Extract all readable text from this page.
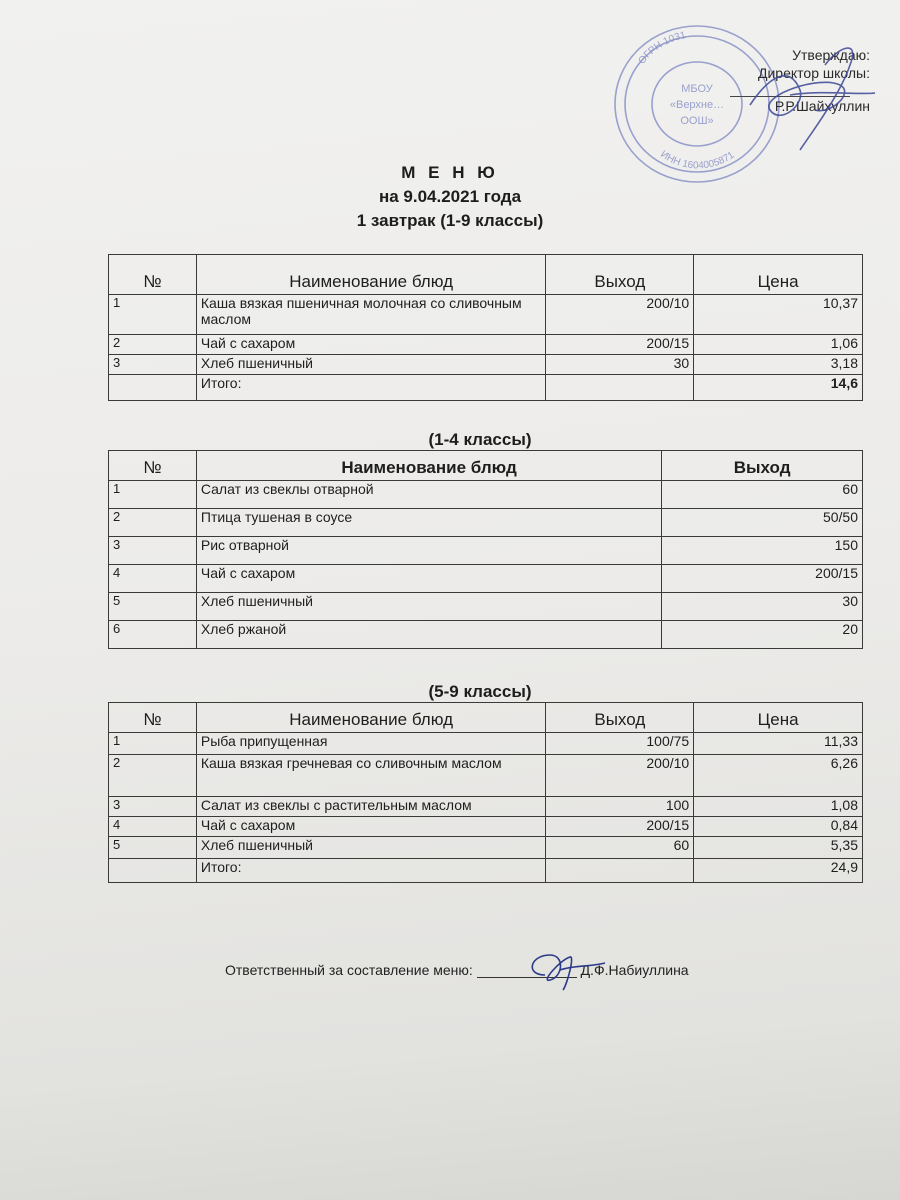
ОГРН 1031
ИНН 1604005871
МБОУ
«Верхне…
ООШ»
Утверждаю:
Директор школы:
Р.Р.Шайхуллин
М Е Н Ю
на 9.04.2021 года
1 завтрак (1-9 классы)
№	Наименование блюд	Выход	Цена
1	Каша вязкая пшеничная молочная со сливочным маслом	200/10	10,37
2	Чай с сахаром	200/15	1,06
3	Хлеб пшеничный	30	3,18
	Итого:		14,6
(1-4 классы)
№	Наименование блюд	Выход
1	Салат из свеклы отварной	60
2	Птица тушеная в соусе	50/50
3	Рис отварной	150
4	Чай с сахаром	200/15
5	Хлеб пшеничный	30
6	Хлеб ржаной	20
(5-9 классы)
№	Наименование блюд	Выход	Цена
1	Рыба припущенная	100/75	11,33
2	Каша вязкая гречневая со сливочным маслом	200/10	6,26
3	Салат из свеклы с растительным маслом	100	1,08
4	Чай с сахаром	200/15	0,84
5	Хлеб пшеничный	60	5,35
	Итого:		24,9
Ответственный за составление меню:	Д.Ф.Набиуллина
